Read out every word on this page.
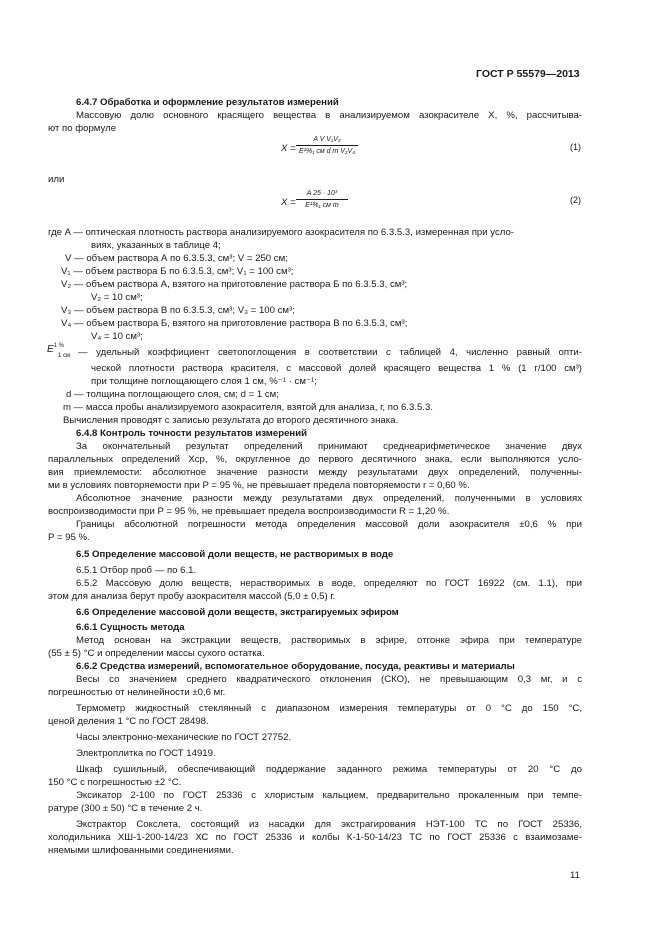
ГОСТ Р 55579—2013
6.4.7 Обработка и оформление результатов измерений
Массовую долю основного красящего вещества в анализируемом азокрасителе X, %, рассчитыва-
ют по формуле
X =
A V V₁V₃
E¹%₁ см d m V₂V₄	(1)
или
X =
A 25 · 10³
E¹%₁ см m
(2)
где A — оптическая плотность раствора анализируемого азокрасителя по 6.3.5.3, измеренная при усло-
виях, указанных в таблице 4;
V — объем раствора А по 6.3.5.3, см³; V = 250 см;
V₁ — объем раствора Б по 6.3.5.3, см³; V₁ = 100 см³;
V₂ — объем раствора А, взятого на приготовление раствора Б по 6.3.5.3, см³;
V₂ = 10 см³;
V₃ — объем раствора В по 6.3.5.3, см³; V₃ = 100 см³;
V₄ — объем раствора Б, взятого на приготовление раствора В по 6.3.5.3, см³;
V₄ = 10 см³;
$E^{1 \%}$
1 см — удельный коэффициент светопоглощения в соответствии с таблицей 4, численно равный опти-
ческой плотности раствора красителя, с массовой долей красящего вещества 1 % (1 г/100 см³)
при толщине поглощающего слоя 1 см, %⁻¹ · см⁻¹;
d — толщина поглощающего слоя, см; d = 1 см;
m — масса пробы анализируемого азокрасителя, взятой для анализа, г, по 6.3.5.3.
Вычисления проводят с записью результата до второго десятичного знака.
6.4.8 Контроль точности результатов измерений
За окончательный результат определений принимают среднеарифметическое значение двух
параллельных определений Xср, %, округленное до первого десятичного знака, если выполняются усло-
вия приемлемости: абсолютное значение разности между результатами двух определений, полученны-
ми в условиях повторяемости при P = 95 %, не превышает предела повторяемости r = 0,60 %.
Абсолютное значение разности между результатами двух определений, полученными в условиях
воспроизводимости при P = 95 %, не превышает предела воспроизводимости R = 1,20 %.
Границы абсолютной погрешности метода определения массовой доли азокрасителя ±0,6 % при
P = 95 %.
6.5 Определение массовой доли веществ, не растворимых в воде
6.5.1 Отбор проб — по 6.1.
6.5.2 Массовую долю веществ, нерастворимых в воде, определяют по ГОСТ 16922 (см. 1.1), при
этом для анализа берут пробу азокрасителя массой (5,0 ± 0,5) г.
6.6 Определение массовой доли веществ, экстрагируемых эфиром
6.6.1 Сущность метода
Метод основан на экстракции веществ, растворимых в эфире, отгонке эфира при температуре
(55 ± 5) °С и определении массы сухого остатка.
6.6.2 Средства измерений, вспомогательное оборудование, посуда, реактивы и материалы
Весы со значением среднего квадратического отклонения (СКО), не превышающим 0,3 мг, и с
погрешностью от нелинейности ±0,6 мг.
Термометр жидкостный стеклянный с диапазоном измерения температуры от 0 °С до 150 °С,
ценой деления 1 °С по ГОСТ 28498.
Часы электронно-механические по ГОСТ 27752.
Электроплитка по ГОСТ 14919.
Шкаф сушильный, обеспечивающий поддержание заданного режима температуры от 20 °С до
150 °С с погрешностью ±2 °С.
Эксикатор 2-100 по ГОСТ 25336 с хлористым кальцием, предварительно прокаленным при темпе-
ратуре (300 ± 50) °С в течение 2 ч.
Экстрактор Сокслета, состоящий из насадки для экстрагирования НЭТ-100 ТС по ГОСТ 25336,
холодильника ХШ-1-200-14/23 ХС по ГОСТ 25336 и колбы К-1-50-14/23 ТС по ГОСТ 25336 с взаимозаме-
няемыми шлифованными соединениями.
11
